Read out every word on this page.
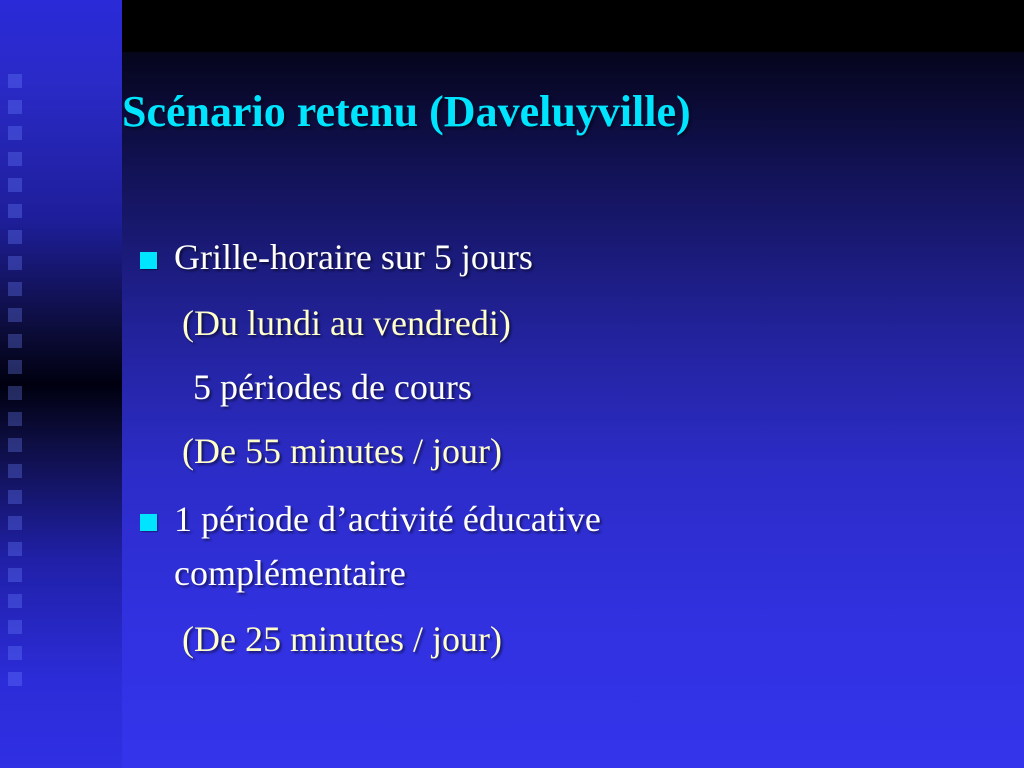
Scénario retenu (Daveluyville)
Grille-horaire sur 5 jours
(Du lundi au vendredi)
5 périodes de cours
(De 55 minutes / jour)
1 période d’activité éducative
complémentaire
(De 25 minutes / jour)
